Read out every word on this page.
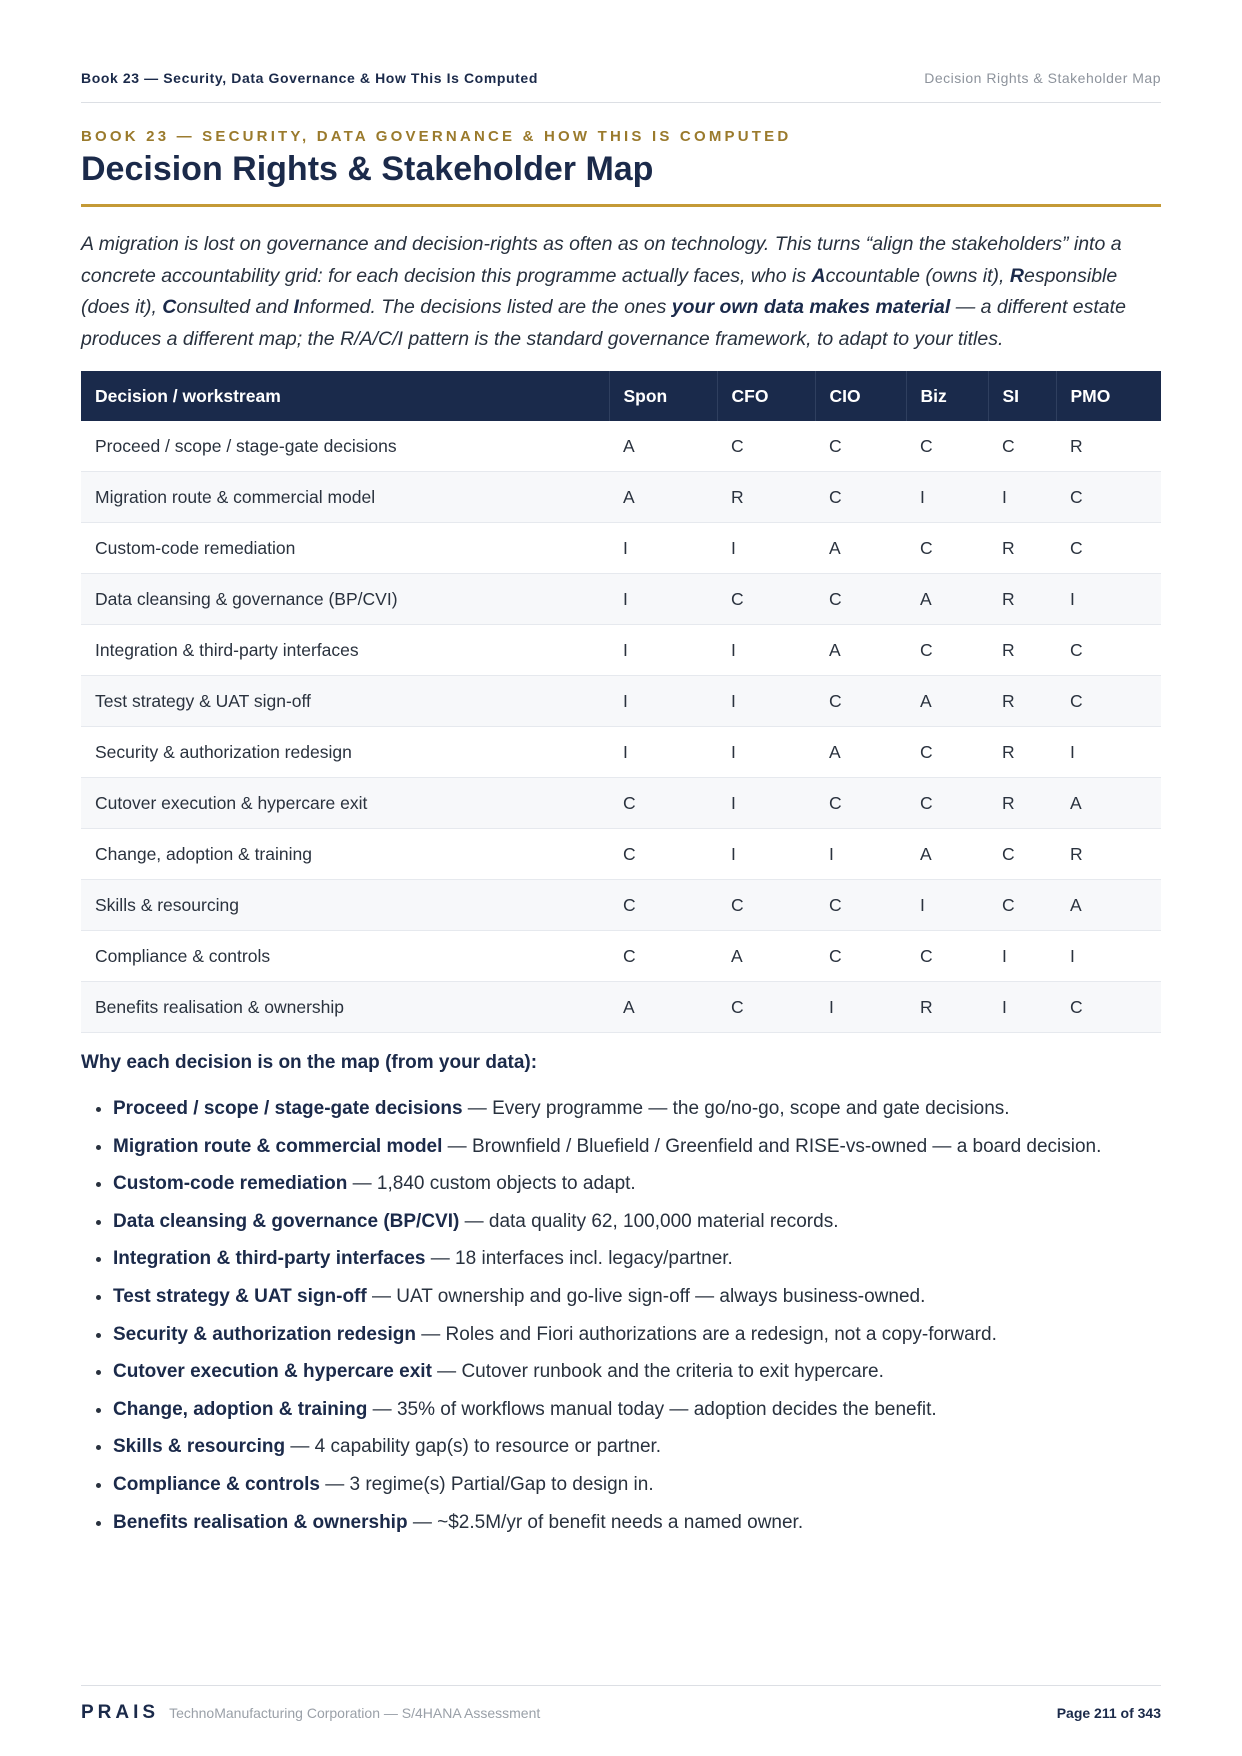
Book 23 — Security, Data Governance & How This Is Computed	Decision Rights & Stakeholder Map
BOOK 23 — SECURITY, DATA GOVERNANCE & HOW THIS IS COMPUTED
Decision Rights & Stakeholder Map

A migration is lost on governance and decision-rights as often as on technology. This turns “align the stakeholders” into a concrete accountability grid: for each decision this programme actually faces, who is Accountable (owns it), Responsible (does it), Consulted and Informed. The decisions listed are the ones your own data makes material — a different estate produces a different map; the R/A/C/I pattern is the standard governance framework, to adapt to your titles.

Decision / workstream	Spon	CFO	CIO	Biz	SI	PMO
Proceed / scope / stage-gate decisions	A	C	C	C	C	R
Migration route & commercial model	A	R	C	I	I	C
Custom-code remediation	I	I	A	C	R	C
Data cleansing & governance (BP/CVI)	I	C	C	A	R	I
Integration & third-party interfaces	I	I	A	C	R	C
Test strategy & UAT sign-off	I	I	C	A	R	C
Security & authorization redesign	I	I	A	C	R	I
Cutover execution & hypercare exit	C	I	C	C	R	A
Change, adoption & training	C	I	I	A	C	R
Skills & resourcing	C	C	C	I	C	A
Compliance & controls	C	A	C	C	I	I
Benefits realisation & ownership	A	C	I	R	I	C
Why each decision is on the map (from your data):
• Proceed / scope / stage-gate decisions — Every programme — the go/no-go, scope and gate decisions.
• Migration route & commercial model — Brownfield / Bluefield / Greenfield and RISE-vs-owned — a board decision.
• Custom-code remediation — 1,840 custom objects to adapt.
• Data cleansing & governance (BP/CVI) — data quality 62, 100,000 material records.
• Integration & third-party interfaces — 18 interfaces incl. legacy/partner.
• Test strategy & UAT sign-off — UAT ownership and go-live sign-off — always business-owned.
• Security & authorization redesign — Roles and Fiori authorizations are a redesign, not a copy-forward.
• Cutover execution & hypercare exit — Cutover runbook and the criteria to exit hypercare.
• Change, adoption & training — 35% of workflows manual today — adoption decides the benefit.
• Skills & resourcing — 4 capability gap(s) to resource or partner.
• Compliance & controls — 3 regime(s) Partial/Gap to design in.
• Benefits realisation & ownership — ~$2.5M/yr of benefit needs a named owner.
PRAIS TechnoManufacturing Corporation — S/4HANA Assessment	Page 211 of 343
